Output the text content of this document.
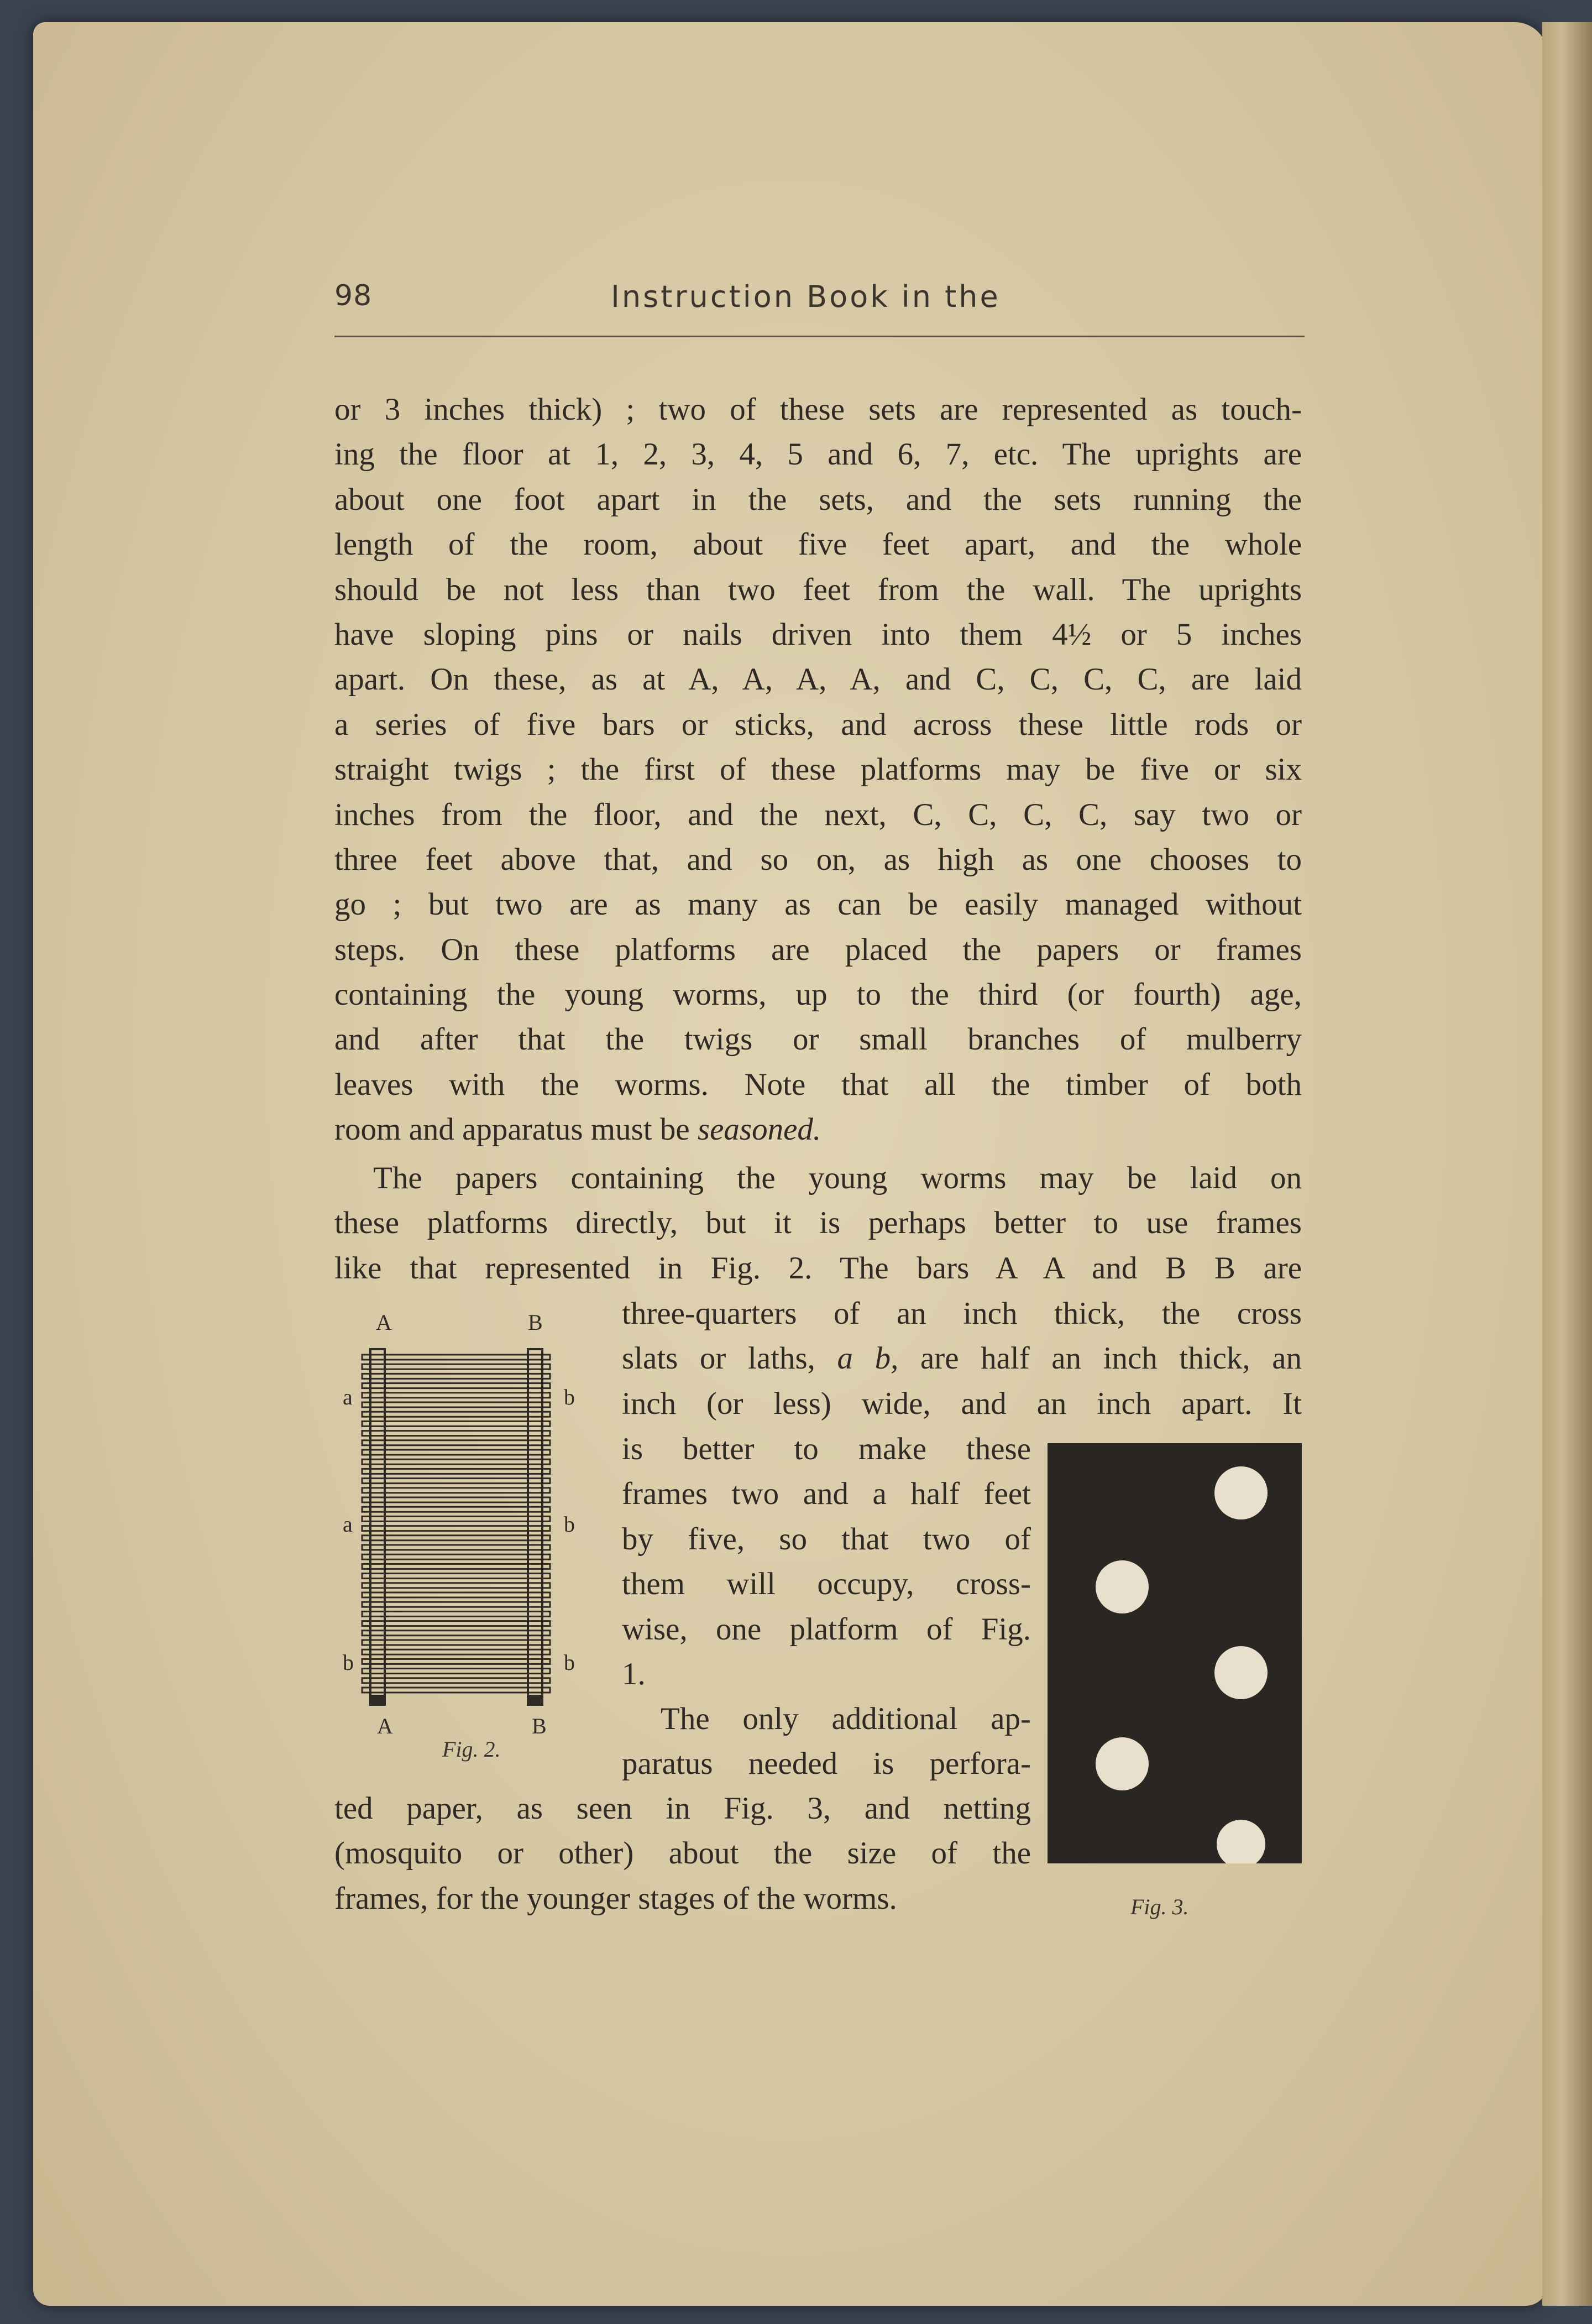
98	Instruction Book in the
or 3 inches thick) ; two of these sets are represented as touch-
ing the floor at 1, 2, 3, 4, 5 and 6, 7, etc. The uprights are
about one foot apart in the sets, and the sets running the
length of the room, about five feet apart, and the whole
should be not less than two feet from the wall. The uprights
have sloping pins or nails driven into them 4½ or 5 inches
apart. On these, as at A, A, A, A, and C, C, C, C, are laid
a series of five bars or sticks, and across these little rods or
straight twigs ; the first of these platforms may be five or six
inches from the floor, and the next, C, C, C, C, say two or
three feet above that, and so on, as high as one chooses to
go ; but two are as many as can be easily managed without
steps. On these platforms are placed the papers or frames
containing the young worms, up to the third (or fourth) age,
and after that the twigs or small branches of mulberry
leaves with the worms. Note that all the timber of both
room and apparatus must be seasoned.
The papers containing the young worms may be laid on
these platforms directly, but it is perhaps better to use frames
like that represented in Fig. 2. The bars A A and B B are
three-quarters of an inch thick, the cross
slats or laths, a b, are half an inch thick, an
inch (or less) wide, and an inch apart. It
is better to make these
frames two and a half feet
by five, so that two of
them will occupy, cross-
wise, one platform of Fig.
1.
The only additional ap-
paratus needed is perfora-
ted paper, as seen in Fig. 3, and netting
(mosquito or other) about the size of the
frames, for the younger stages of the worms.
A	B
a	b
a	b
b	b
A	B
Fig. 2.
Fig. 3.
